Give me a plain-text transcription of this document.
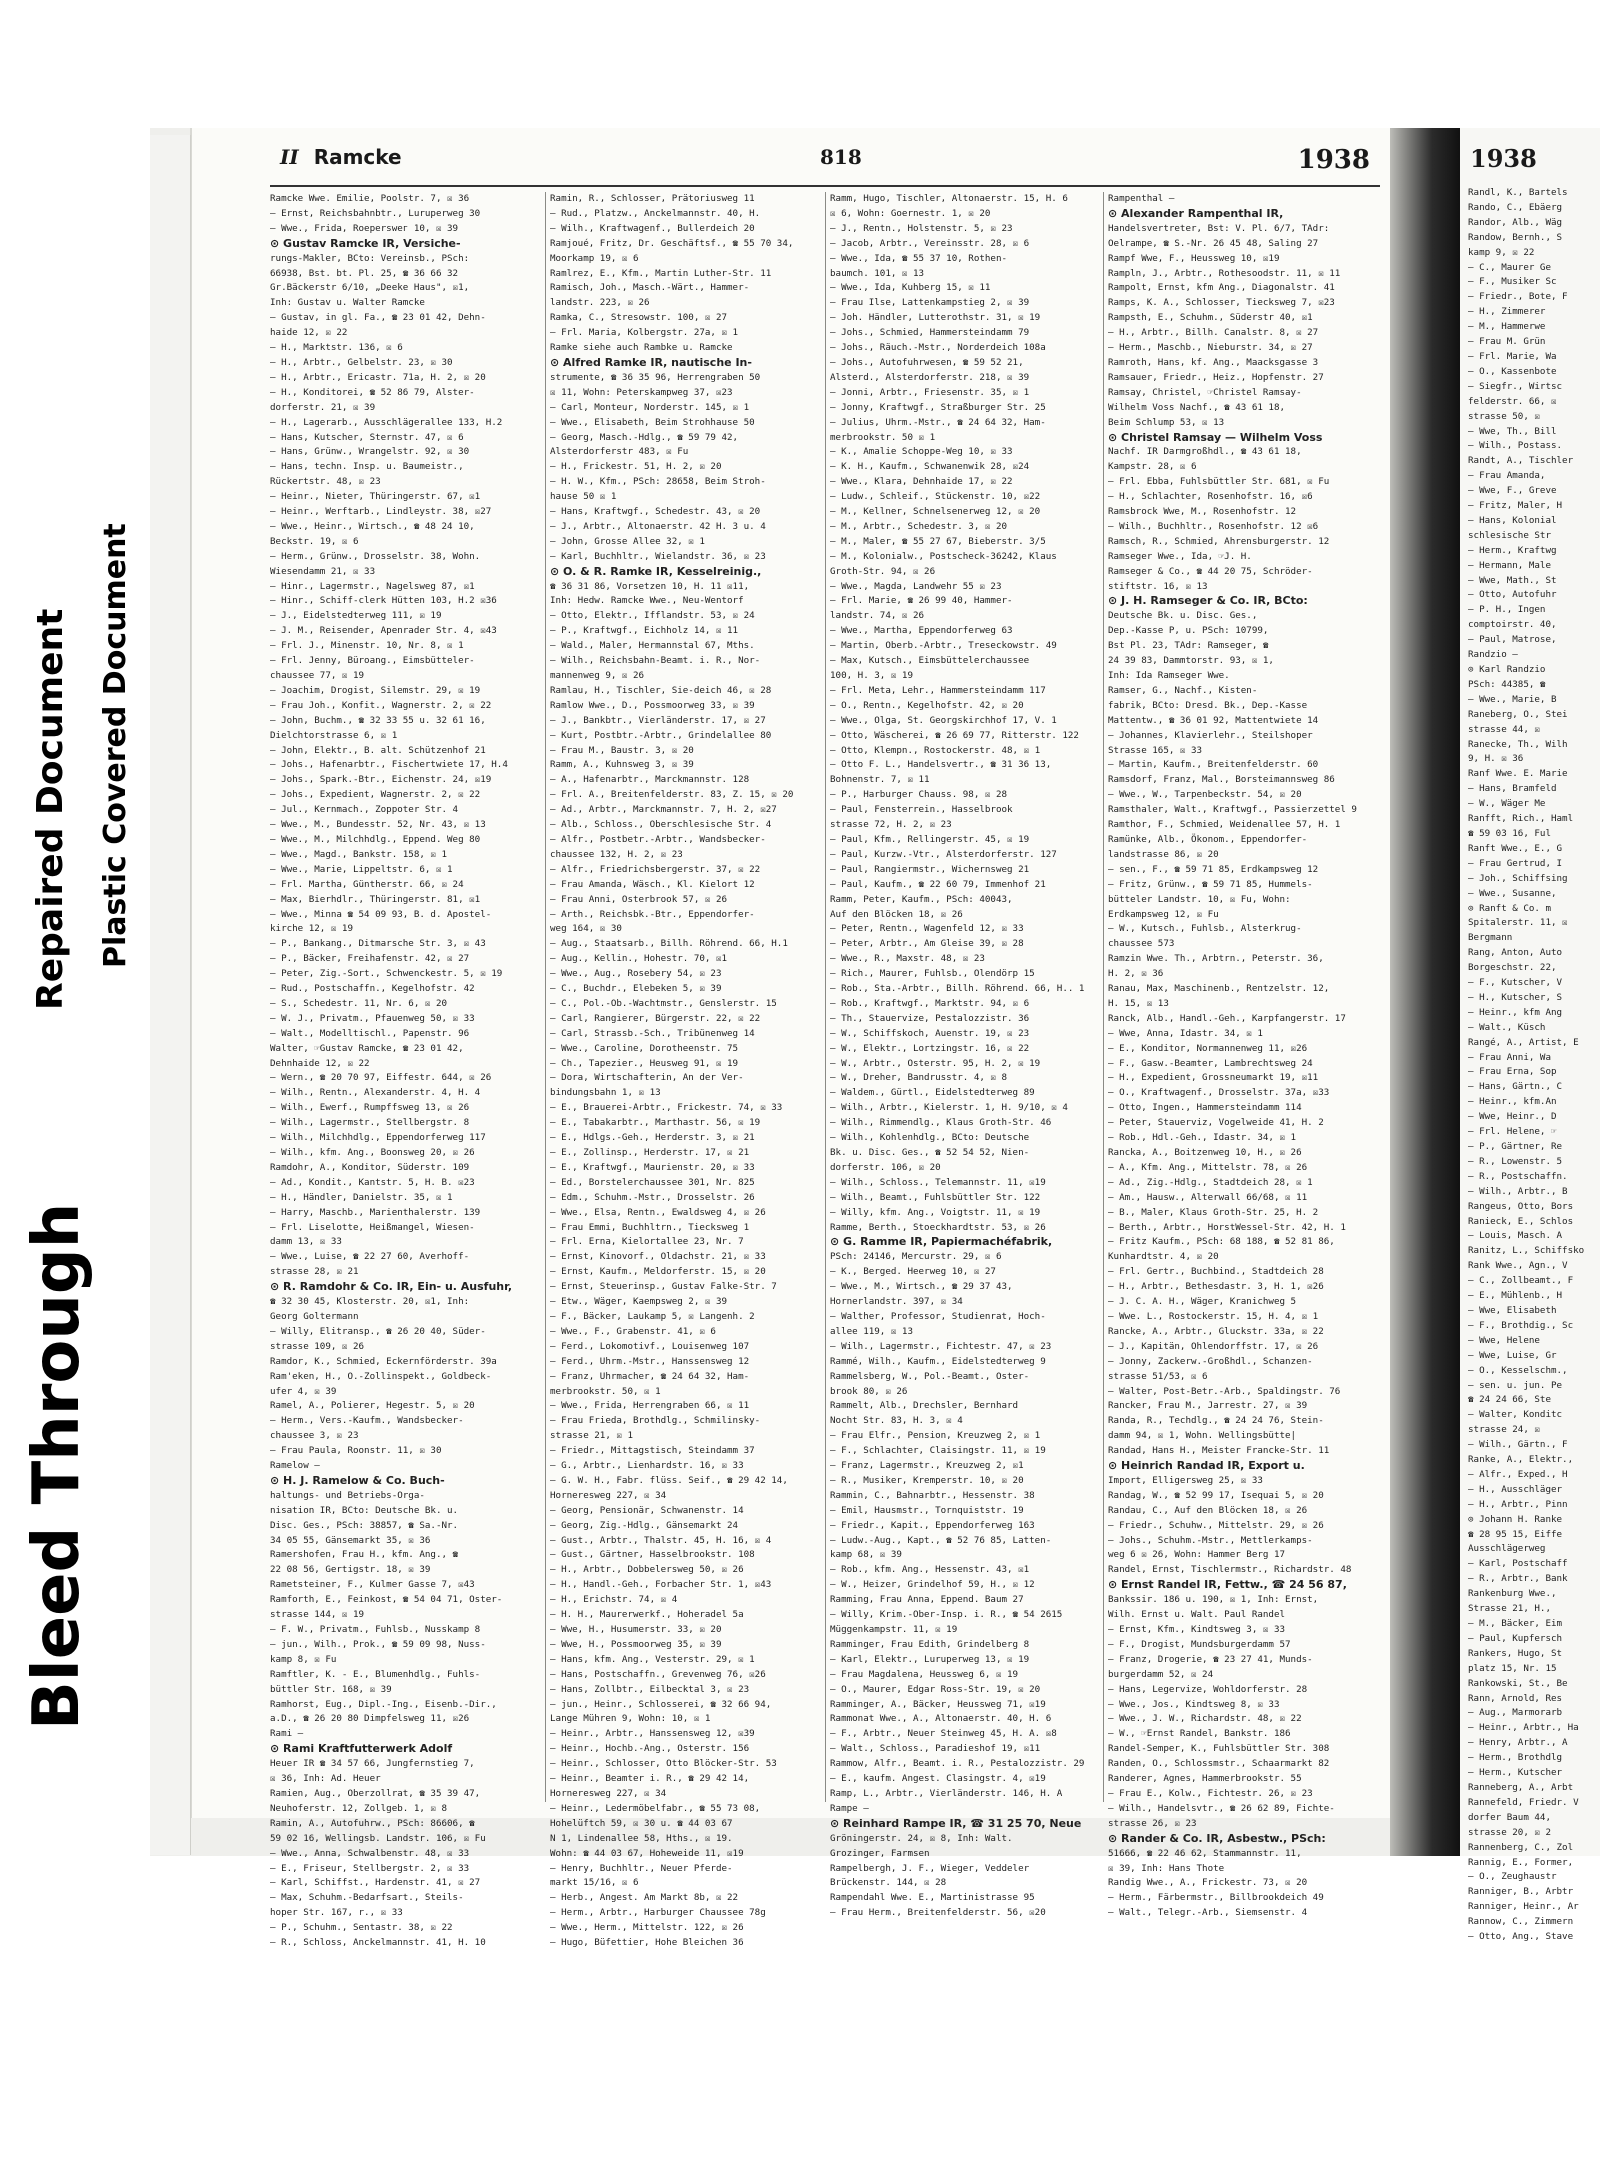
1938
Randl, K., Bartels
Rando, C., Ebäerg
Randor, Alb., Wäg
Randow, Bernh., S
kamp 9, ☒ 22
— C., Maurer Ge
— F., Musiker Sc
— Friedr., Bote, F
— H., Zimmerer
— M., Hammerwe
— Frau M. Grün
— Frl. Marie, Wa
— O., Kassenbote
— Siegfr., Wirtsc
felderstr. 66, ☒
strasse 50, ☒
— Wwe, Th., Bill
— Wilh., Postass.
Randt, A., Tischler
— Frau Amanda,
— Wwe, F., Greve
— Fritz, Maler, H
— Hans, Kolonial
schlesische Str
— Herm., Kraftwg
— Hermann, Male
— Wwe, Math., St
— Otto, Autofuhr
— P. H., Ingen
comptoirstr. 40,
— Paul, Matrose,
Randzio —
⊙ Karl Randzio
PSch: 44385, ☎
— Wwe., Marie, B
Raneberg, O., Stei
strasse 44, ☒
Ranecke, Th., Wilh
9, H. ☒ 36
Ranf Wwe. E. Marie
— Hans, Bramfeld
— W., Wäger Me
Ranfft, Rich., Haml
☎ 59 03 16, Ful
Ranft Wwe., E., G
— Frau Gertrud, I
— Joh., Schiffsing
— Wwe., Susanne,
⊙ Ranft & Co. m
Spitalerstr. 11, ☒
Bergmann
Rang, Anton, Auto
Borgeschstr. 22,
— F., Kutscher, V
— H., Kutscher, S
— Heinr., kfm Ang
— Walt., Küsch
Rangé, A., Artist, E
— Frau Anni, Wa
— Frau Erna, Sop
— Hans, Gärtn., C
— Heinr., kfm.An
— Wwe, Heinr., D
— Frl. Helene, ☞
— P., Gärtner, Re
— R., Lowenstr. 5
— R., Postschaffn.
— Wilh., Arbtr., B
Rangeus, Otto, Bors
Ranieck, E., Schlos
— Louis, Masch. A
Ranitz, L., Schiffsko
Rank Wwe., Agn., V
— C., Zollbeamt., F
— E., Mühlenb., H
— Wwe, Elisabeth
— F., Brothdig., Sc
— Wwe, Helene
— Wwe, Luise, Gr
— O., Kesselschm.,
— sen. u. jun. Pe
☎ 24 24 66, Ste
— Walter, Konditc
strasse 24, ☒
— Wilh., Gärtn., F
Ranke, A., Elektr.,
— Alfr., Exped., H
— H., Ausschläger
— H., Arbtr., Pinn
⊙ Johann H. Ranke
☎ 28 95 15, Eiffe
Ausschlägerweg
— Karl, Postschaff
— R., Arbtr., Bank
Rankenburg Wwe.,
Strasse 21, H.,
— M., Bäcker, Eim
— Paul, Kupfersch
Rankers, Hugo, St
platz 15, Nr. 15
Rankowski, St., Be
Rann, Arnold, Res
— Aug., Marmorarb
— Heinr., Arbtr., Ha
— Henry, Arbtr., A
— Herm., Brothdlg
— Herm., Kutscher
Ranneberg, A., Arbt
Rannefeld, Friedr. V
dorfer Baum 44,
strasse 20, ☒ 2
Rannenberg, C., Zol
Rannig, E., Former,
— O., Zeughaustr
Ranniger, B., Arbtr
Ranniger, Heinr., Ar
Rannow, C., Zimmern
— Otto, Ang., Stave
II Ramcke	818	1938
Ramcke Wwe. Emilie, Poolstr. 7, ☒ 36
— Ernst, Reichsbahnbtr., Luruperweg 30
— Wwe., Frida, Roeperswег 10, ☒ 39
⊙ Gustav Ramcke IR, Versiche-
rungs-Makler, BCto: Vereinsb., PSch:
66938, Bst. bt. Pl. 25, ☎ 36 66 32
Gr.Bäckerstr 6/10, „Deeke Haus", ☒1,
Inh: Gustav u. Walter Ramcke
— Gustav, in gl. Fa., ☎ 23 01 42, Dehn-
haide 12, ☒ 22
— H., Marktstr. 136, ☒ 6
— H., Arbtr., Gelbelstr. 23, ☒ 30
— H., Arbtr., Ericastr. 71a, H. 2, ☒ 20
— H., Konditorei, ☎ 52 86 79, Alster-
dorferstr. 21, ☒ 39
— H., Lagerarb., Ausschlägerallee 133, H.2
— Hans, Kutscher, Sternstr. 47, ☒ 6
— Hans, Grünw., Wrangelstr. 92, ☒ 30
— Hans, techn. Insp. u. Baumeistr.,
Rückertstr. 48, ☒ 23
— Heinr., Nieter, Thüringerstr. 67, ☒1
— Heinr., Werftarb., Lindleystr. 38, ☒27
— Wwe., Heinr., Wirtsch., ☎ 48 24 10,
Beckstr. 19, ☒ 6
— Herm., Grünw., Drosselstr. 38, Wohn.
Wiesendamm 21, ☒ 33
— Hinr., Lagermstr., Nagelsweg 87, ☒1
— Hinr., Schiff-clerk Hütten 103, H.2 ☒36
— J., Eidelstedterweg 111, ☒ 19
— J. M., Reisender, Apenrader Str. 4, ☒43
— Frl. J., Minenstr. 10, Nr. 8, ☒ 1
— Frl. Jenny, Büroang., Eimsbütteler-
chaussee 77, ☒ 19
— Joachim, Drogist, Silemstr. 29, ☒ 19
— Frau Joh., Konfit., Wagnerstr. 2, ☒ 22
— John, Buchm., ☎ 32 33 55 u. 32 61 16,
Dielchtorstrasse 6, ☒ 1
— John, Elektr., B. alt. Schützenhof 21
— Johs., Hafenarbtr., Fischertwiete 17, H.4
— Johs., Spark.-Btr., Eichenstr. 24, ☒19
— Johs., Expedient, Wagnerstr. 2, ☒ 22
— Jul., Kernmach., Zoppoter Str. 4
— Wwe., M., Bundesstr. 52, Nr. 43, ☒ 13
— Wwe., M., Milchhdlg., Eppend. Weg 80
— Wwe., Magd., Bankstr. 158, ☒ 1
— Wwe., Marie, Lippeltstr. 6, ☒ 1
— Frl. Martha, Güntherstr. 66, ☒ 24
— Max, Bierhdlr., Thüringerstr. 81, ☒1
— Wwe., Minna ☎ 54 09 93, B. d. Apostel-
kirche 12, ☒ 19
— P., Bankang., Ditmarsche Str. 3, ☒ 43
— P., Bäcker, Freihafenstr. 42, ☒ 27
— Peter, Zig.-Sort., Schwenckestr. 5, ☒ 19
— Rud., Postschaffn., Kegelhofstr. 42
— S., Schedestr. 11, Nr. 6, ☒ 20
— W. J., Privatm., Pfauenweg 50, ☒ 33
— Walt., Modelltischl., Papenstr. 96
Walter, ☞Gustav Ramcke, ☎ 23 01 42,
Dehnhaide 12, ☒ 22
— Wern., ☎ 20 70 97, Eiffestr. 644, ☒ 26
— Wilh., Rentn., Alexanderstr. 4, H. 4
— Wilh., Ewerf., Rumpffsweg 13, ☒ 26
— Wilh., Lagermstr., Stellbergstr. 8
— Wilh., Milchhdlg., Eppendorferweg 117
— Wilh., kfm. Ang., Boonsweg 20, ☒ 26
Ramdohr, A., Konditor, Süderstr. 109
— Ad., Kondit., Kantstr. 5, H. B. ☒23
— H., Händler, Danielstr. 35, ☒ 1
— Harry, Maschb., Marienthalerstr. 139
— Frl. Liselotte, Heißmangel, Wiesen-
damm 13, ☒ 33
— Wwe., Luise, ☎ 22 27 60, Averhoff-
strasse 28, ☒ 21
⊙ R. Ramdohr & Co. IR, Ein- u. Ausfuhr,
☎ 32 30 45, Klosterstr. 20, ☒1, Inh:
Georg Goltermann
— Willy, Elitransp., ☎ 26 20 40, Süder-
strasse 109, ☒ 26
Ramdor, K., Schmied, Eckernförderstr. 39a
Ram'eken, H., O.-Zollinspekt., Goldbeck-
ufer 4, ☒ 39
Ramel, A., Polierer, Hegestr. 5, ☒ 20
— Herm., Vers.-Kaufm., Wandsbecker-
chaussee 3, ☒ 23
— Frau Paula, Roonstr. 11, ☒ 30
Ramelow —
⊙ H. J. Ramelow & Co. Buch-
haltungs- und Betriebs-Orga-
nisation IR, BCto: Deutsche Bk. u.
Disc. Ges., PSch: 38857, ☎ Sa.-Nr.
34 05 55, Gänsemarkt 35, ☒ 36
Ramershofen, Frau H., kfm. Ang., ☎
22 08 56, Gertigstr. 18, ☒ 39
Rametsteiner, F., Kulmer Gasse 7, ☒43
Ramforth, E., Feinkost, ☎ 54 04 71, Oster-
strasse 144, ☒ 19
— F. W., Privatm., Fuhlsb., Nusskamp 8
— jun., Wilh., Prok., ☎ 59 09 98, Nuss-
kamp 8, ☒ Fu
Ramftler, K. - E., Blumenhdlg., Fuhls-
büttler Str. 168, ☒ 39
Ramhorst, Eug., Dipl.-Ing., Eisenb.-Dir.,
a.D., ☎ 26 20 80 Dimpfelsweg 11, ☒26
Rami —
⊙ Rami Kraftfutterwerk Adolf
Heuer IR ☎ 34 57 66, Jungfernstieg 7,
☒ 36, Inh: Ad. Heuer
Ramien, Aug., Oberzollrat, ☎ 35 39 47,
Neuhoferstr. 12, Zollgeb. 1, ☒ 8
Ramin, A., Autofuhrw., PSch: 86606, ☎
59 02 16, Wellingsb. Landstr. 106, ☒ Fu
— Wwe., Anna, Schwalbenstr. 48, ☒ 33
— E., Friseur, Stellbergstr. 2, ☒ 33
— Karl, Schiffst., Hardenstr. 41, ☒ 27
— Max, Schuhm.-Bedarfsart., Steils-
hoper Str. 167, r., ☒ 33
— P., Schuhm., Sentastr. 38, ☒ 22
— R., Schloss, Anckelmannstr. 41, H. 10
Ramin, R., Schlosser, Prätoriusweg 11
— Rud., Platzw., Anckelmannstr. 40, H.
— Wilh., Kraftwagenf., Bullerdeich 20
Ramjoué, Fritz, Dr. Geschäftsf., ☎ 55 70 34,
Moorkamp 19, ☒ 6
Ramlrez, E., Kfm., Martin Luther-Str. 11
Ramisch, Joh., Masch.-Wärt., Hammer-
landstr. 223, ☒ 26
Ramka, C., Stresowstr. 100, ☒ 27
— Frl. Maria, Kolbergstr. 27a, ☒ 1
Ramke siehe auch Rambke u. Ramcke
⊙ Alfred Ramke IR, nautische In-
strumente, ☎ 36 35 96, Herrengraben 50
☒ 11, Wohn: Peterskampweg 37, ☒23
— Carl, Monteur, Norderstr. 145, ☒ 1
— Wwe., Elisabeth, Beim Strohhause 50
— Georg, Masch.-Hdlg., ☎ 59 79 42,
Alsterdorferstr 483, ☒ Fu
— H., Frickestr. 51, H. 2, ☒ 20
— H. W., Kfm., PSch: 28658, Beim Stroh-
hause 50 ☒ 1
— Hans, Kraftwgf., Schedestr. 43, ☒ 20
— J., Arbtr., Altonaerstr. 42 H. 3 u. 4
— John, Grosse Allee 32, ☒ 1
— Karl, Buchhltr., Wielandstr. 36, ☒ 23
⊙ O. & R. Ramke IR, Kesselreinig.,
☎ 36 31 86, Vorsetzen 10, H. 11 ☒11,
Inh: Hedw. Ramcke Wwe., Neu-Wentorf
— Otto, Elektr., Ifflandstr. 53, ☒ 24
— P., Kraftwgf., Eichholz 14, ☒ 11
— Wald., Maler, Hermannstal 67, Mths.
— Wilh., Reichsbahn-Beamt. i. R., Nor-
mannenweg 9, ☒ 26
Ramlau, H., Tischler, Sie-deich 46, ☒ 28
Ramlow Wwe., D., Possmoorweg 33, ☒ 39
— J., Bankbtr., Vierländerstr. 17, ☒ 27
— Kurt, Postbtr.-Arbtr., Grindelallee 80
— Frau M., Baustr. 3, ☒ 20
Ramm, A., Kuhnsweg 3, ☒ 39
— A., Hafenarbtr., Marckmannstr. 128
— Frl. A., Breitenfelderstr. 83, Z. 15, ☒ 20
— Ad., Arbtr., Marckmannstr. 7, H. 2, ☒27
— Alb., Schloss., Oberschlesische Str. 4
— Alfr., Postbetr.-Arbtr., Wandsbecker-
chaussee 132, H. 2, ☒ 23
— Alfr., Friedrichsbergerstr. 37, ☒ 22
— Frau Amanda, Wäsch., Kl. Kielort 12
— Frau Anni, Osterbrook 57, ☒ 26
— Arth., Reichsbk.-Btr., Eppendorfer-
weg 164, ☒ 30
— Aug., Staatsarb., Billh. Röhrend. 66, H.1
— Aug., Kellin., Hohestr. 70, ☒1
— Wwe., Aug., Rosebery 54, ☒ 23
— C., Buchdr., Elebeken 5, ☒ 39
— C., Pol.-Ob.-Wachtmstr., Genslerstr. 15
— Carl, Rangierer, Bürgerstr. 22, ☒ 22
— Carl, Strassb.-Sch., Tribünenweg 14
— Wwe., Caroline, Dorotheenstr. 75
— Ch., Tapezier., Heusweg 91, ☒ 19
— Dora, Wirtschafterin, An der Ver-
bindungsbahn 1, ☒ 13
— E., Brauerei-Arbtr., Frickestr. 74, ☒ 33
— E., Tabakarbtr., Marthastr. 56, ☒ 19
— E., Hdlgs.-Geh., Herderstr. 3, ☒ 21
— E., Zollinsp., Herderstr. 17, ☒ 21
— E., Kraftwgf., Maurienstr. 20, ☒ 33
— Ed., Borstelerchaussee 301, Nr. 825
— Edm., Schuhm.-Mstr., Drosselstr. 26
— Wwe., Elsa, Rentn., Ewaldsweg 4, ☒ 26
— Frau Emmi, Buchhltrn., Tiecksweg 1
— Frl. Erna, Kielortallee 23, Nr. 7
— Ernst, Kinovorf., Oldachstr. 21, ☒ 33
— Ernst, Kaufm., Meldorferstr. 15, ☒ 20
— Ernst, Steuerinsp., Gustav Falke-Str. 7
— Etw., Wäger, Kaempsweg 2, ☒ 39
— F., Bäcker, Laukamp 5, ☒ Langenh. 2
— Wwe., F., Grabenstr. 41, ☒ 6
— Ferd., Lokomotivf., Louisenweg 107
— Ferd., Uhrm.-Mstr., Hanssensweg 12
— Franz, Uhrmacher, ☎ 24 64 32, Ham-
merbrookstr. 50, ☒ 1
— Wwe., Frida, Herrengraben 66, ☒ 11
— Frau Frieda, Brothdlg., Schmilinsky-
strasse 21, ☒ 1
— Friedr., Mittagstisch, Steindamm 37
— G., Arbtr., Lienhardstr. 16, ☒ 33
— G. W. H., Fabr. flüss. Seif., ☎ 29 42 14,
Horneresweg 227, ☒ 34
— Georg, Pensionär, Schwanenstr. 14
— Georg, Zig.-Hdlg., Gänsemarkt 24
— Gust., Arbtr., Thalstr. 45, H. 16, ☒ 4
— Gust., Gärtner, Hasselbrookstr. 108
— H., Arbtr., Dobbelersweg 50, ☒ 26
— H., Handl.-Geh., Forbacher Str. 1, ☒43
— H., Erichstr. 74, ☒ 4
— H. H., Maurerwerkf., Hoheradel 5a
— Wwe, H., Husumerstr. 33, ☒ 20
— Wwe, H., Possmoorweg 35, ☒ 39
— Hans, kfm. Ang., Vesterstr. 29, ☒ 1
— Hans, Postschaffn., Grevenweg 76, ☒26
— Hans, Zollbtr., Eilbecktal 3, ☒ 23
— jun., Heinr., Schlosserei, ☎ 32 66 94,
Lange Mühren 9, Wohn: 10, ☒ 1
— Heinr., Arbtr., Hanssensweg 12, ☒39
— Heinr., Hochb.-Ang., Osterstr. 156
— Heinr., Schlosser, Otto Blöcker-Str. 53
— Heinr., Beamter i. R., ☎ 29 42 14,
Horneresweg 227, ☒ 34
— Heinr., Ledermöbelfabr., ☎ 55 73 08,
Hohelüftch 59, ☒ 30 u. ☎ 44 03 67
N 1, Lindenallee 58, Hths., ☒ 19.
Wohn: ☎ 44 03 67, Hoheweide 11, ☒19
— Henry, Buchhltr., Neuer Pferde-
markt 15/16, ☒ 6
— Herb., Angest. Am Markt 8b, ☒ 22
— Herm., Arbtr., Harburger Chaussee 78g
— Wwe., Herm., Mittelstr. 122, ☒ 26
— Hugo, Büfettier, Hohe Bleichen 36
Ramm, Hugo, Tischler, Altonaerstr. 15, H. 6
☒ 6, Wohn: Goernestr. 1, ☒ 20
— J., Rentn., Holstenstr. 5, ☒ 23
— Jacob, Arbtr., Vereinsstr. 28, ☒ 6
— Wwe., Ida, ☎ 55 37 10, Rothen-
baumch. 101, ☒ 13
— Wwe., Ida, Kuhberg 15, ☒ 11
— Frau Ilse, Lattenkampstieg 2, ☒ 39
— Joh. Händler, Lutterothstr. 31, ☒ 19
— Johs., Schmied, Hammersteindamm 79
— Johs., Räuch.-Mstr., Norderdeich 108a
— Johs., Autofuhrwesen, ☎ 59 52 21,
Alsterd., Alsterdorferstr. 218, ☒ 39
— Jonni, Arbtr., Friesenstr. 35, ☒ 1
— Jonny, Kraftwgf., Straßburger Str. 25
— Julius, Uhrm.-Mstr., ☎ 24 64 32, Ham-
merbrookstr. 50 ☒ 1
— K., Amalie Schoppe-Weg 10, ☒ 33
— K. H., Kaufm., Schwanenwik 28, ☒24
— Wwe., Klara, Dehnhaide 17, ☒ 22
— Ludw., Schleif., Stückenstr. 10, ☒22
— M., Kellner, Schnelsenerweg 12, ☒ 20
— M., Arbtr., Schedestr. 3, ☒ 20
— M., Maler, ☎ 55 27 67, Bieberstr. 3/5
— M., Kolonialw., Postscheck-36242, Klaus
Groth-Str. 94, ☒ 26
— Wwe., Magda, Landwehr 55 ☒ 23
— Frl. Marie, ☎ 26 99 40, Hammer-
landstr. 74, ☒ 26
— Wwe., Martha, Eppendorferweg 63
— Martin, Oberb.-Arbtr., Treseckowstr. 49
— Max, Kutsch., Eimsbüttelerchaussee
100, H. 3, ☒ 19
— Frl. Meta, Lehr., Hammersteindamm 117
— O., Rentn., Kegelhofstr. 42, ☒ 20
— Wwe., Olga, St. Georgskirchhof 17, V. 1
— Otto, Wäscherei, ☎ 26 69 77, Ritterstr. 122
— Otto, Klempn., Rostockerstr. 48, ☒ 1
— Otto F. L., Handelsvertr., ☎ 31 36 13,
Bohnenstr. 7, ☒ 11
— P., Harburger Chauss. 98, ☒ 28
— Paul, Fensterrein., Hasselbrook
strasse 72, H. 2, ☒ 23
— Paul, Kfm., Rellingerstr. 45, ☒ 19
— Paul, Kurzw.-Vtr., Alsterdorferstr. 127
— Paul, Rangiermstr., Wichernsweg 21
— Paul, Kaufm., ☎ 22 60 79, Immenhof 21
Ramm, Peter, Kaufm., PSch: 40043,
Auf den Blöcken 18, ☒ 26
— Peter, Rentn., Wagenfeld 12, ☒ 33
— Peter, Arbtr., Am Gleise 39, ☒ 28
— Wwe., R., Maxstr. 48, ☒ 23
— Rich., Maurer, Fuhlsb., Olendörp 15
— Rob., Sta.-Arbtr., Billh. Röhrend. 66, H.. 1
— Rob., Kraftwgf., Marktstr. 94, ☒ 6
— Th., Stauervize, Pestalozzistr. 36
— W., Schiffskoch, Auenstr. 19, ☒ 23
— W., Elektr., Lortzingstr. 16, ☒ 22
— W., Arbtr., Osterstr. 95, H. 2, ☒ 19
— W., Dreher, Bandrusstr. 4, ☒ 8
— Waldem., Gürtl., Eidelstedterweg 89
— Wilh., Arbtr., Kielerstr. 1, H. 9/10, ☒ 4
— Wilh., Rimmendlg., Klaus Groth-Str. 46
— Wilh., Kohlenhdlg., BCto: Deutsche
Bk. u. Disc. Ges., ☎ 52 54 52, Nien-
dorferstr. 106, ☒ 20
— Wilh., Schloss., Telemannstr. 11, ☒19
— Wilh., Beamt., Fuhlsbüttler Str. 122
— Willy, kfm. Ang., Voigtstr. 11, ☒ 19
Ramme, Berth., Stoeckhardtstr. 53, ☒ 26
⊙ G. Ramme IR, Papiermachéfabrik,
PSch: 24146, Mercurstr. 29, ☒ 6
— K., Berged. Heerweg 10, ☒ 27
— Wwe., M., Wirtsch., ☎ 29 37 43,
Hornerlandstr. 397, ☒ 34
— Walther, Professor, Studienrat, Hoch-
allee 119, ☒ 13
— Wilh., Lagermstr., Fichtestr. 47, ☒ 23
Rammé, Wilh., Kaufm., Eidelstedterweg 9
Rammelsberg, W., Pol.-Beamt., Oster-
brook 80, ☒ 26
Rammelt, Alb., Drechsler, Bernhard
Nocht Str. 83, H. 3, ☒ 4
— Frau Elfr., Pension, Kreuzweg 2, ☒ 1
— F., Schlachter, Claisingstr. 11, ☒ 19
— Franz, Lagermstr., Kreuzweg 2, ☒1
— R., Musiker, Kremperstr. 10, ☒ 20
Rammin, C., Bahnarbtr., Hessenstr. 38
— Emil, Hausmstr., Tornquiststr. 19
— Friedr., Kapit., Eppendorferweg 163
— Ludw.-Aug., Kapt., ☎ 52 76 85, Latten-
kamp 68, ☒ 39
— Rob., kfm. Ang., Hessenstr. 43, ☒1
— W., Heizer, Grindelhof 59, H., ☒ 12
Ramming, Frau Anna, Eppend. Baum 27
— Willy, Krim.-Ober-Insp. i. R., ☎ 54 2615
Müggenkampstr. 11, ☒ 19
Ramminger, Frau Edith, Grindelberg 8
— Karl, Elektr., Luruperweg 13, ☒ 19
— Frau Magdalena, Heussweg 6, ☒ 19
— O., Maurer, Edgar Ross-Str. 19, ☒ 20
Ramminger, A., Bäcker, Heussweg 71, ☒19
Rammonat Wwe., A., Altonaerstr. 40, H. 6
— F., Arbtr., Neuer Steinweg 45, H. A. ☒8
— Walt., Schloss., Paradieshof 19, ☒11
Rammow, Alfr., Beamt. i. R., Pestalozzistr. 29
— E., kaufm. Angest. Clasingstr. 4, ☒19
Ramp, L., Arbtr., Vierländerstr. 146, H. A
Rampe —
⊙ Reinhard Rampe IR, ☎ 31 25 70, Neue
Gröningerstr. 24, ☒ 8, Inh: Walt.
Grozinger, Farmsen
Rampelbergh, J. F., Wieger, Veddeler
Brückenstr. 144, ☒ 28
Rampendahl Wwe. E., Martinistrasse 95
— Frau Herm., Breitenfelderstr. 56, ☒20
Rampenthal —
⊙ Alexander Rampenthal IR,
Handelsvertreter, Bst: V. Pl. 6/7, TAdr:
Oelrampe, ☎ S.-Nr. 26 45 48, Saling 27
Rampf Wwe, F., Heussweg 10, ☒19
Rampln, J., Arbtr., Rothesoodstr. 11, ☒ 11
Rampolt, Ernst, kfm Ang., Diagonalstr. 41
Ramps, K. A., Schlosser, Tiecksweg 7, ☒23
Rampsth, E., Schuhm., Süderstr 40, ☒1
— H., Arbtr., Billh. Canalstr. 8, ☒ 27
— Herm., Maschb., Nieburstr. 34, ☒ 27
Ramroth, Hans, kf. Ang., Maacksgasse 3
Ramsauer, Friedr., Heiz., Hopfenstr. 27
Ramsay, Christel, ☞Christel Ramsay-
Wilhelm Voss Nachf., ☎ 43 61 18,
Beim Schlump 53, ☒ 13
⊙ Christel Ramsay — Wilhelm Voss
Nachf. IR Darmgroßhdl., ☎ 43 61 18,
Kampstr. 28, ☒ 6
— Frl. Ebba, Fuhlsbüttler Str. 681, ☒ Fu
— H., Schlachter, Rosenhofstr. 16, ☒6
Ramsbrock Wwe, M., Rosenhofstr. 12
— Wilh., Buchhltr., Rosenhofstr. 12 ☒6
Ramsch, R., Schmied, Ahrensburgerstr. 12
Ramseger Wwe., Ida, ☞J. H.
Ramseger & Co., ☎ 44 20 75, Schröder-
stiftstr. 16, ☒ 13
⊙ J. H. Ramseger & Co. IR, BCto:
Deutsche Bk. u. Disc. Ges.,
Dep.-Kasse P, u. PSch: 10799,
Bst Pl. 23, TAdr: Ramseger, ☎
24 39 83, Dammtorstr. 93, ☒ 1,
Inh: Ida Ramseger Wwe.
Ramser, G., Nachf., Kisten-
fabrik, BCto: Dresd. Bk., Dep.-Kasse
Mattentw., ☎ 36 01 92, Mattentwiete 14
— Johannes, Klavierlehr., Steilshoper
Strasse 165, ☒ 33
— Martin, Kaufm., Breitenfelderstr. 60
Ramsdorf, Franz, Mal., Borsteimannsweg 86
— Wwe., W., Tarpenbeckstr. 54, ☒ 20
Ramsthaler, Walt., Kraftwgf., Passierzettel 9
Ramthor, F., Schmied, Weidenallee 57, H. 1
Ramünke, Alb., Ökonom., Eppendorfer-
landstrasse 86, ☒ 20
— sen., F., ☎ 59 71 85, Erdkampsweg 12
— Fritz, Grünw., ☎ 59 71 85, Hummels-
bütteler Landstr. 10, ☒ Fu, Wohn:
Erdkampsweg 12, ☒ Fu
— W., Kutsch., Fuhlsb., Alsterkrug-
chaussee 573
Ramzin Wwe. Th., Arbtrn., Peterstr. 36,
H. 2, ☒ 36
Ranau, Max, Maschinenb., Rentzelstr. 12,
H. 15, ☒ 13
Ranck, Alb., Handl.-Geh., Karpfangerstr. 17
— Wwe, Anna, Idastr. 34, ☒ 1
— E., Konditor, Normannenweg 11, ☒26
— F., Gasw.-Beamter, Lambrechtsweg 24
— H., Expedient, Grossneumarkt 19, ☒11
— O., Kraftwagenf., Drosselstr. 37a, ☒33
— Otto, Ingen., Hammersteindamm 114
— Peter, Stauerviz, Vogelweide 41, H. 2
— Rob., Hdl.-Geh., Idastr. 34, ☒ 1
Rancka, A., Boitzenweg 10, H., ☒ 26
— A., Kfm. Ang., Mittelstr. 78, ☒ 26
— Ad., Zig.-Hdlg., Stadtdeich 28, ☒ 1
— Am., Hausw., Alterwall 66/68, ☒ 11
— B., Maler, Klaus Groth-Str. 25, H. 2
— Berth., Arbtr., HorstWessel-Str. 42, H. 1
— Fritz Kaufm., PSch: 68 188, ☎ 52 81 86,
Kunhardtstr. 4, ☒ 20
— Frl. Gertr., Buchbind., Stadtdeich 28
— H., Arbtr., Bethesdastr. 3, H. 1, ☒26
— J. C. A. H., Wäger, Kranichweg 5
— Wwe. L., Rostockerstr. 15, H. 4, ☒ 1
Rancke, A., Arbtr., Gluckstr. 33a, ☒ 22
— J., Kapitän, Ohlendorffstr. 17, ☒ 26
— Jonny, Zackerw.-Großhdl., Schanzen-
strasse 51/53, ☒ 6
— Walter, Post-Betr.-Arb., Spaldingstr. 76
Rancker, Frau M., Jarrestr. 27, ☒ 39
Randa, R., Techdlg., ☎ 24 24 76, Stein-
damm 94, ☒ 1, Wohn. Wellingsbütte|
Randad, Hans H., Meister Francke-Str. 11
⊙ Heinrich Randad IR, Export u.
Import, Elligersweg 25, ☒ 33
Randag, W., ☎ 52 99 17, Isequai 5, ☒ 20
Randau, C., Auf den Blöcken 18, ☒ 26
— Friedr., Schuhw., Mittelstr. 29, ☒ 26
— Johs., Schuhm.-Mstr., Mettlerkamps-
weg 6 ☒ 26, Wohn: Hammer Berg 17
Randel, Ernst, Tischlermstr., Richardstr. 48
⊙ Ernst Randel IR, Fettw., ☎ 24 56 87,
Bankssir. 186 u. 190, ☒ 1, Inh: Ernst,
Wilh. Ernst u. Walt. Paul Randel
— Ernst, Kfm., Kindtsweg 3, ☒ 33
— F., Drogist, Mundsburgerdamm 57
— Franz, Drogerie, ☎ 23 27 41, Munds-
burgerdamm 52, ☒ 24
— Hans, Legervize, Wohldorferstr. 28
— Wwe., Jos., Kindtsweg 8, ☒ 33
— Wwe., J. W., Richardstr. 48, ☒ 22
— W., ☞Ernst Randel, Bankstr. 186
Randel-Semper, K., Fuhlsbüttler Str. 308
Randen, O., Schlossmstr., Schaarmarkt 82
Randerer, Agnes, Hammerbrookstr. 55
— Frau E., Kolw., Fichtestr. 26, ☒ 23
— Wilh., Handelsvtr., ☎ 26 62 89, Fichte-
strasse 26, ☒ 23
⊙ Rander & Co. IR, Asbestw., PSch:
51666, ☎ 22 46 62, Stammannstr. 11,
☒ 39, Inh: Hans Thote
Randig Wwe., A., Frickestr. 73, ☒ 20
— Herm., Färbermstr., Billbrookdeich 49
— Walt., Telegr.-Arb., Siemsenstr. 4
Bleed Through
Repaired Document Plastic Covered Document
